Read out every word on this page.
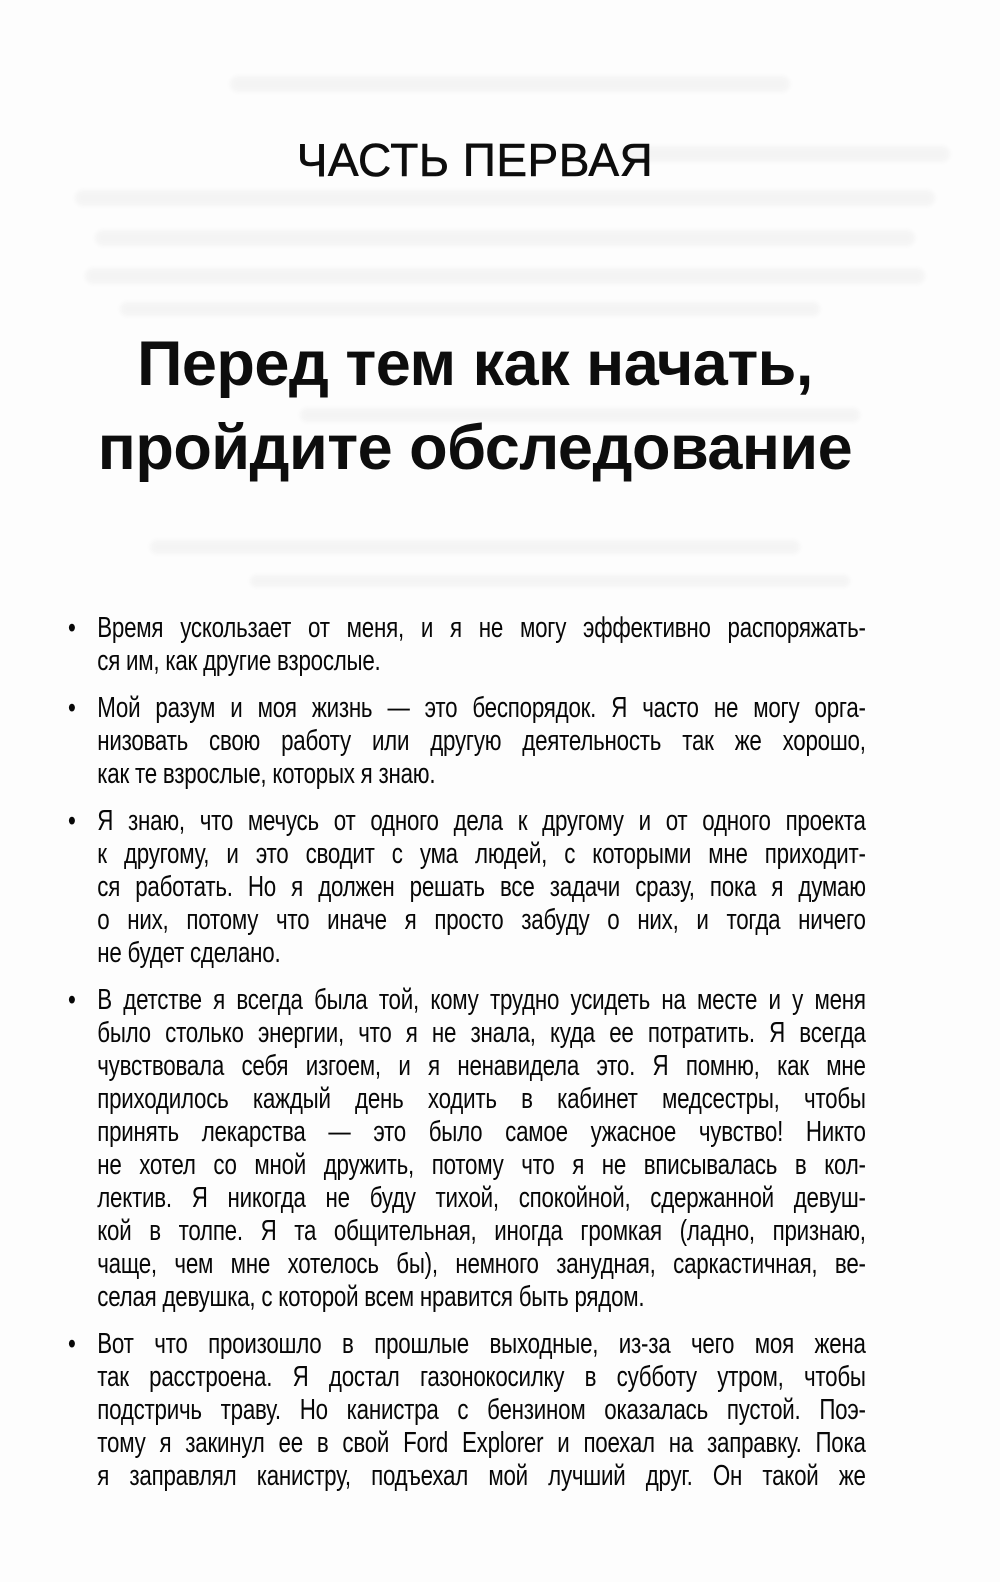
ЧАСТЬ ПЕРВАЯ
Перед тем как начать,
пройдите обследование
• Время ускользает от меня, и я не могу эффективно распоряжать-
ся им, как другие взрослые.
• Мой разум и моя жизнь — это беспорядок. Я часто не могу орга-
низовать свою работу или другую деятельность так же хорошо,
как те взрослые, которых я знаю.
• Я знаю, что мечусь от одного дела к другому и от одного проекта
к другому, и это сводит с ума людей, с которыми мне приходит-
ся работать. Но я должен решать все задачи сразу, пока я думаю
о них, потому что иначе я просто забуду о них, и тогда ничего
не будет сделано.
• В детстве я всегда была той, кому трудно усидеть на месте и у меня
было столько энергии, что я не знала, куда ее потратить. Я всегда
чувствовала себя изгоем, и я ненавидела это. Я помню, как мне
приходилось каждый день ходить в кабинет медсестры, чтобы
принять лекарства — это было самое ужасное чувство! Никто
не хотел со мной дружить, потому что я не вписывалась в кол-
лектив. Я никогда не буду тихой, спокойной, сдержанной девуш-
кой в толпе. Я та общительная, иногда громкая (ладно, признаю,
чаще, чем мне хотелось бы), немного занудная, саркастичная, ве-
селая девушка, с которой всем нравится быть рядом.
• Вот что произошло в прошлые выходные, из-за чего моя жена
так расстроена. Я достал газонокосилку в субботу утром, чтобы
подстричь траву. Но канистра с бензином оказалась пустой. Поэ-
тому я закинул ее в свой Ford Explorer и поехал на заправку. Пока
я заправлял канистру, подъехал мой лучший друг. Он такой же
